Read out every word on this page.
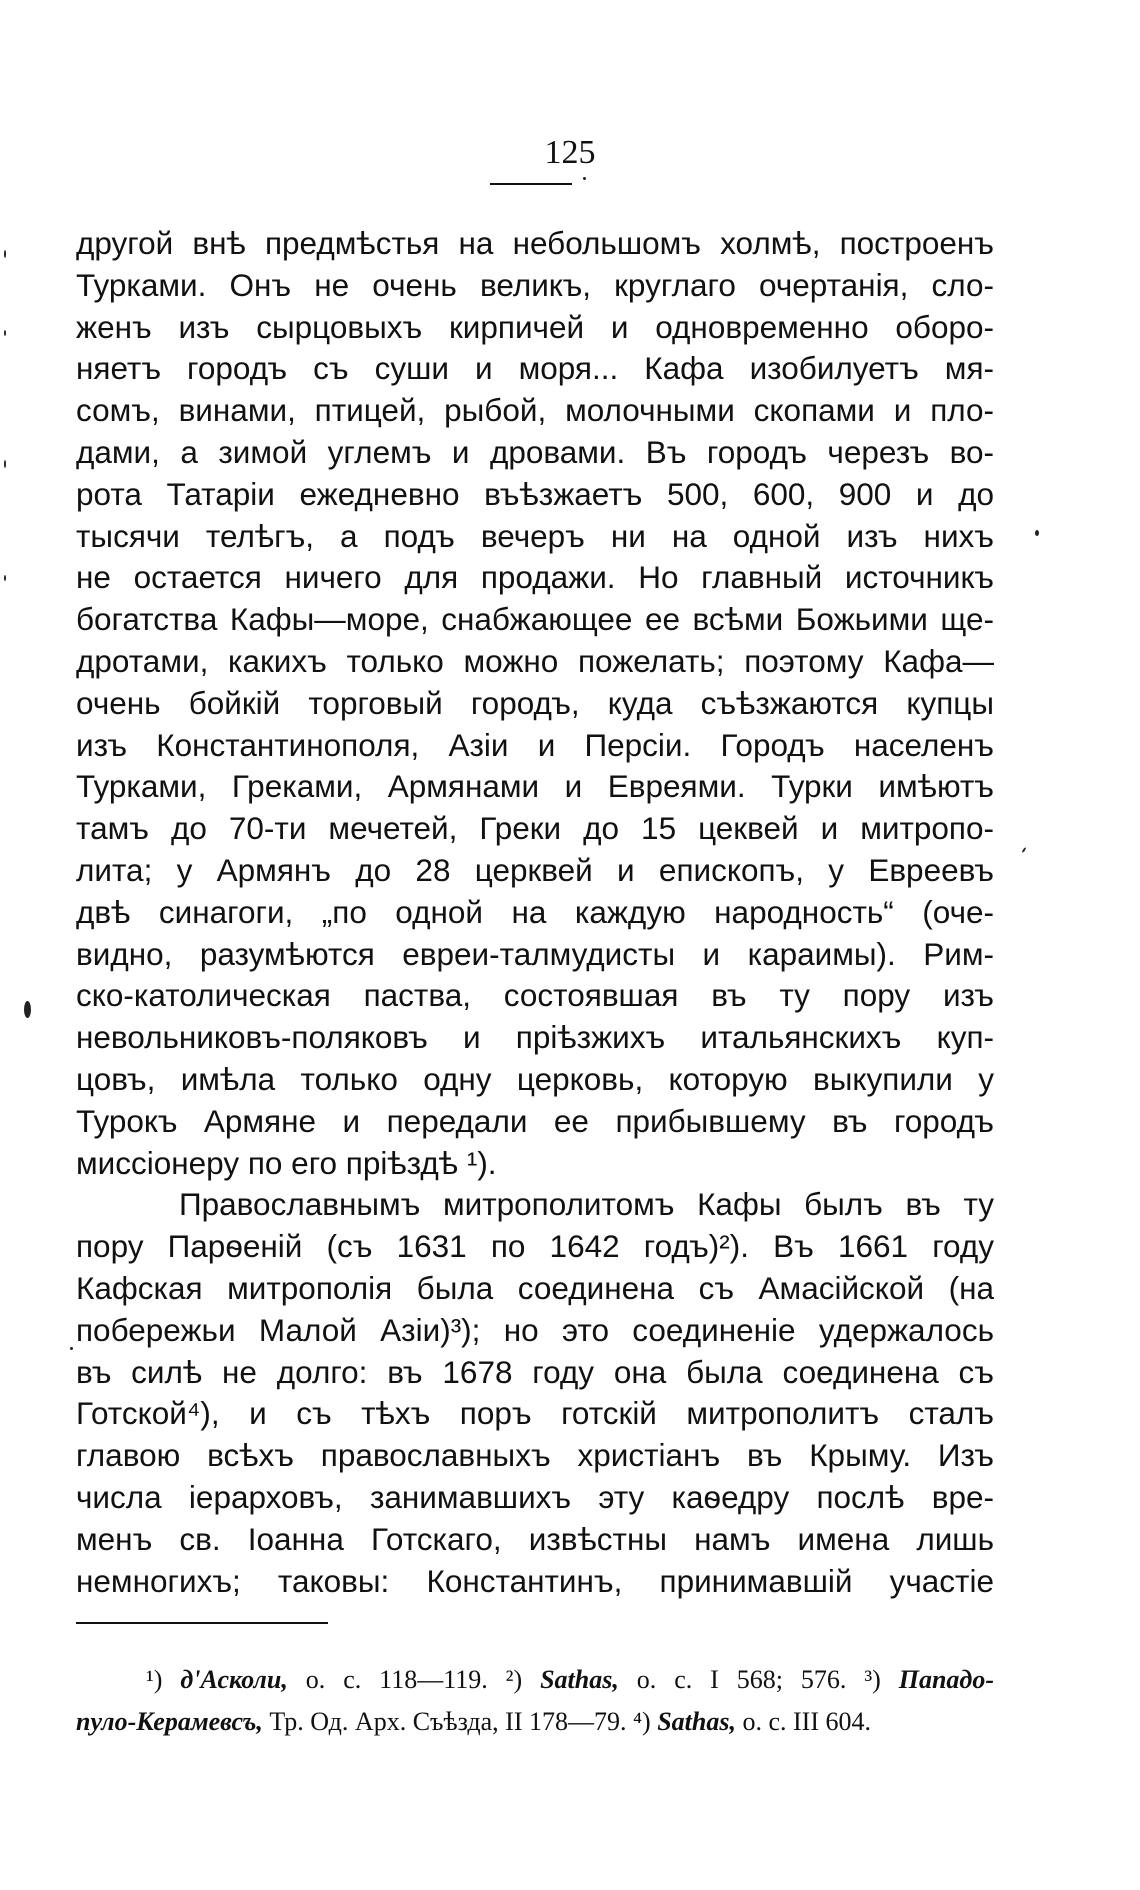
125
другой внѣ предмѣстья на небольшомъ холмѣ, построенъ
Турками. Онъ не очень великъ, круглаго очертанія, сло-
женъ изъ сырцовыхъ кирпичей и одновременно оборо-
няетъ городъ съ суши и моря... Кафа изобилуетъ мя-
сомъ, винами, птицей, рыбой, молочными скопами и пло-
дами, а зимой углемъ и дровами. Въ городъ черезъ во-
рота Татаріи ежедневно въѣзжаетъ 500, 600, 900 и до
тысячи телѣгъ, а подъ вечеръ ни на одной изъ нихъ
не остается ничего для продажи. Но главный источникъ
богатства Кафы—море, снабжающее ее всѣми Божьими ще-
дротами, какихъ только можно пожелать; поэтому Кафа—
очень бойкій торговый городъ, куда съѣзжаются купцы
изъ Константинополя, Азіи и Персіи. Городъ населенъ
Турками, Греками, Армянами и Евреями. Турки имѣютъ
тамъ до 70-ти мечетей, Греки до 15 цеквей и митропо-
лита; у Армянъ до 28 церквей и епископъ, у Евреевъ
двѣ синагоги, „по одной на каждую народность“ (оче-
видно, разумѣются евреи-талмудисты и караимы). Рим-
ско-католическая паства, состоявшая въ ту пору изъ
невольниковъ-поляковъ и пріѣзжихъ итальянскихъ куп-
цовъ, имѣла только одну церковь, которую выкупили у
Турокъ Армяне и передали ее прибывшему въ городъ
миссіонеру по его пріѣздѣ ¹).
Православнымъ митрополитомъ Кафы былъ въ ту
пору Парѳеній (съ 1631 по 1642 годъ)²). Въ 1661 году
Кафская митрополія была соединена съ Амасійской (на
побережьи Малой Азіи)³); но это соединеніе удержалось
въ силѣ не долго: въ 1678 году она была соединена съ
Готской⁴), и съ тѣхъ поръ готскій митрополитъ сталъ
главою всѣхъ православныхъ христіанъ въ Крыму. Изъ
числа іерарховъ, занимавшихъ эту каѳедру послѣ вре-
менъ св. Іоанна Готскаго, извѣстны намъ имена лишь
немногихъ; таковы: Константинъ, принимавшій участіе
¹) д'Асколи, o. c. 118—119. ²) Sathas, o. c. I 568; 576. ³) Пападо-
пуло-Керамевсъ, Тр. Од. Арх. Съѣзда, II 178—79. ⁴) Sathas, o. c. III 604.
